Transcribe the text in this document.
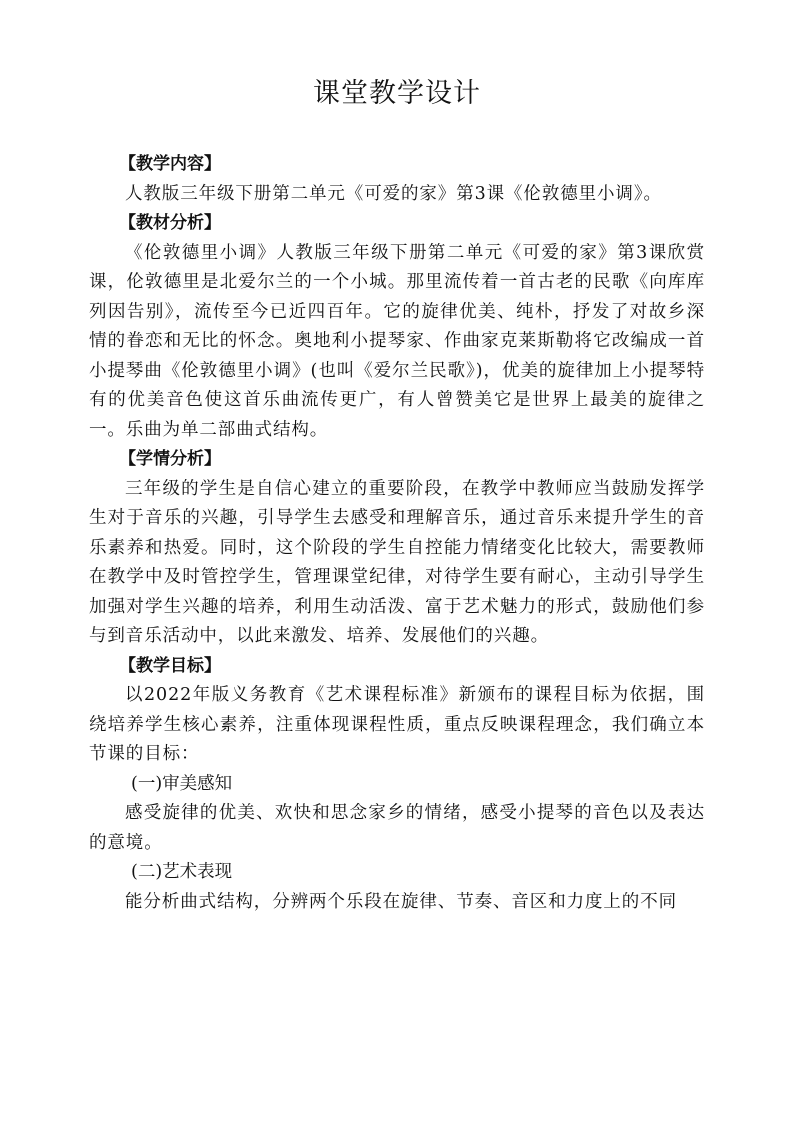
课堂教学设计

【教学内容】

人教版三年级下册第二单元《可爱的家》第3课《伦敦德里小调》。

【教材分析】

《伦敦德里小调》人教版三年级下册第二单元《可爱的家》第3课欣赏课，伦敦德里是北爱尔兰的一个小城。那里流传着一首古老的民歌《向库库列因告别》，流传至今已近四百年。它的旋律优美、纯朴，抒发了对故乡深情的眷恋和无比的怀念。奥地利小提琴家、作曲家克莱斯勒将它改编成一首小提琴曲《伦敦德里小调》(也叫《爱尔兰民歌》)，优美的旋律加上小提琴特有的优美音色使这首乐曲流传更广，有人曾赞美它是世界上最美的旋律之一。乐曲为单二部曲式结构。

【学情分析】

三年级的学生是自信心建立的重要阶段，在教学中教师应当鼓励发挥学生对于音乐的兴趣，引导学生去感受和理解音乐，通过音乐来提升学生的音乐素养和热爱。同时，这个阶段的学生自控能力情绪变化比较大，需要教师在教学中及时管控学生，管理课堂纪律，对待学生要有耐心，主动引导学生加强对学生兴趣的培养，利用生动活泼、富于艺术魅力的形式，鼓励他们参与到音乐活动中，以此来激发、培养、发展他们的兴趣。

【教学目标】

以2022年版义务教育《艺术课程标准》新颁布的课程目标为依据，围绕培养学生核心素养，注重体现课程性质，重点反映课程理念，我们确立本节课的目标：

(一)审美感知

感受旋律的优美、欢快和思念家乡的情绪，感受小提琴的音色以及表达的意境。

(二)艺术表现

能分析曲式结构，分辨两个乐段在旋律、节奏、音区和力度上的不同
